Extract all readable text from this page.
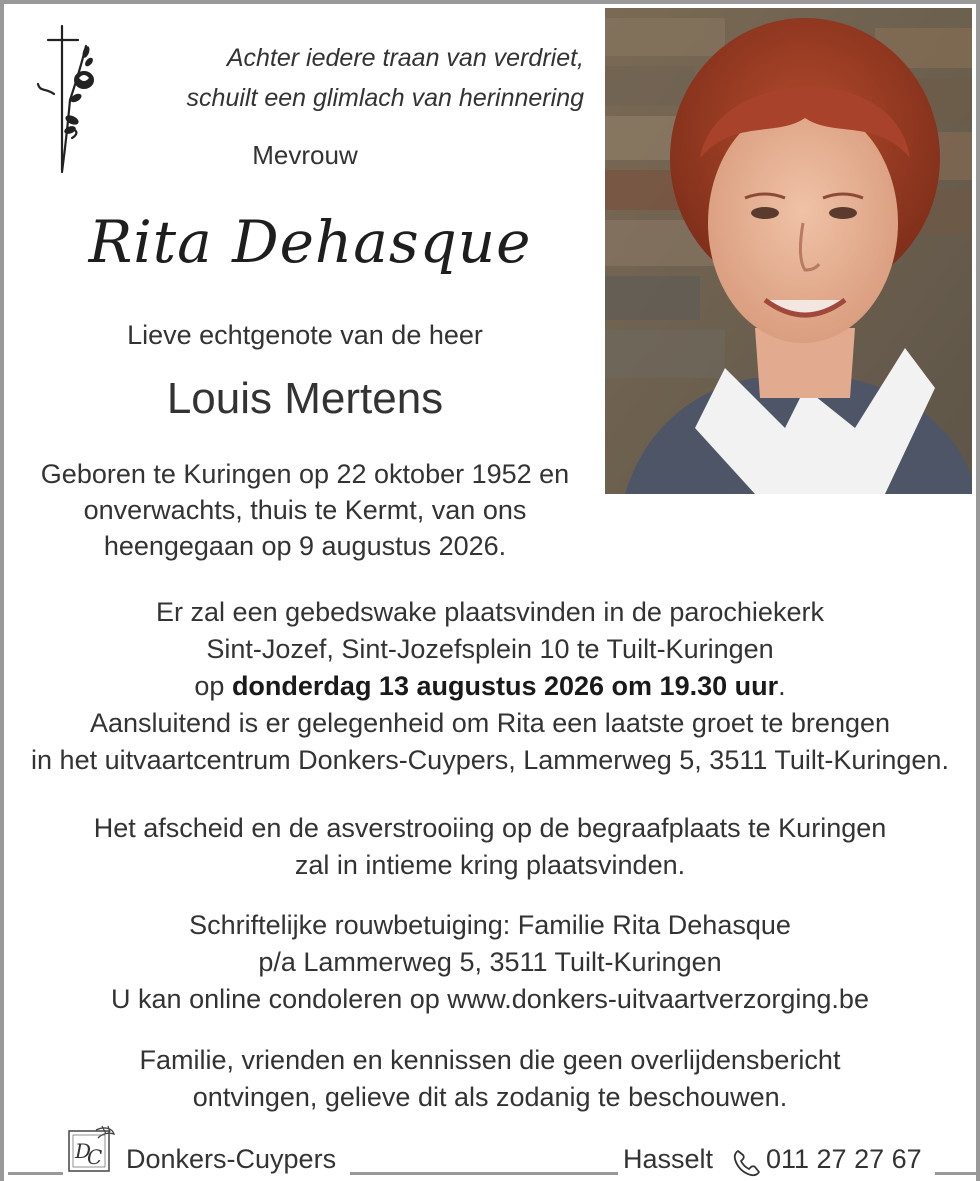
Achter iedere traan van verdriet,
schuilt een glimlach van herinnering
Mevrouw
Rita Dehasque
Lieve echtgenote van de heer
Louis Mertens
Geboren te Kuringen op 22 oktober 1952 en
onverwachts, thuis te Kermt, van ons
heengegaan op 9 augustus 2026.
Er zal een gebedswake plaatsvinden in de parochiekerk
Sint-Jozef, Sint-Jozefsplein 10 te Tuilt-Kuringen
op donderdag 13 augustus 2026 om 19.30 uur.
Aansluitend is er gelegenheid om Rita een laatste groet te brengen
in het uitvaartcentrum Donkers-Cuypers, Lammerweg 5, 3511 Tuilt-Kuringen.
Het afscheid en de asverstrooiing op de begraafplaats te Kuringen
zal in intieme kring plaatsvinden.
Schriftelijke rouwbetuiging: Familie Rita Dehasque
p/a Lammerweg 5, 3511 Tuilt-Kuringen
U kan online condoleren op www.donkers-uitvaartverzorging.be
Familie, vrienden en kennissen die geen overlijdensbericht
ontvingen, gelieve dit als zodanig te beschouwen.
D
C Donkers-Cuypers	Hasselt 011 27 27 67
